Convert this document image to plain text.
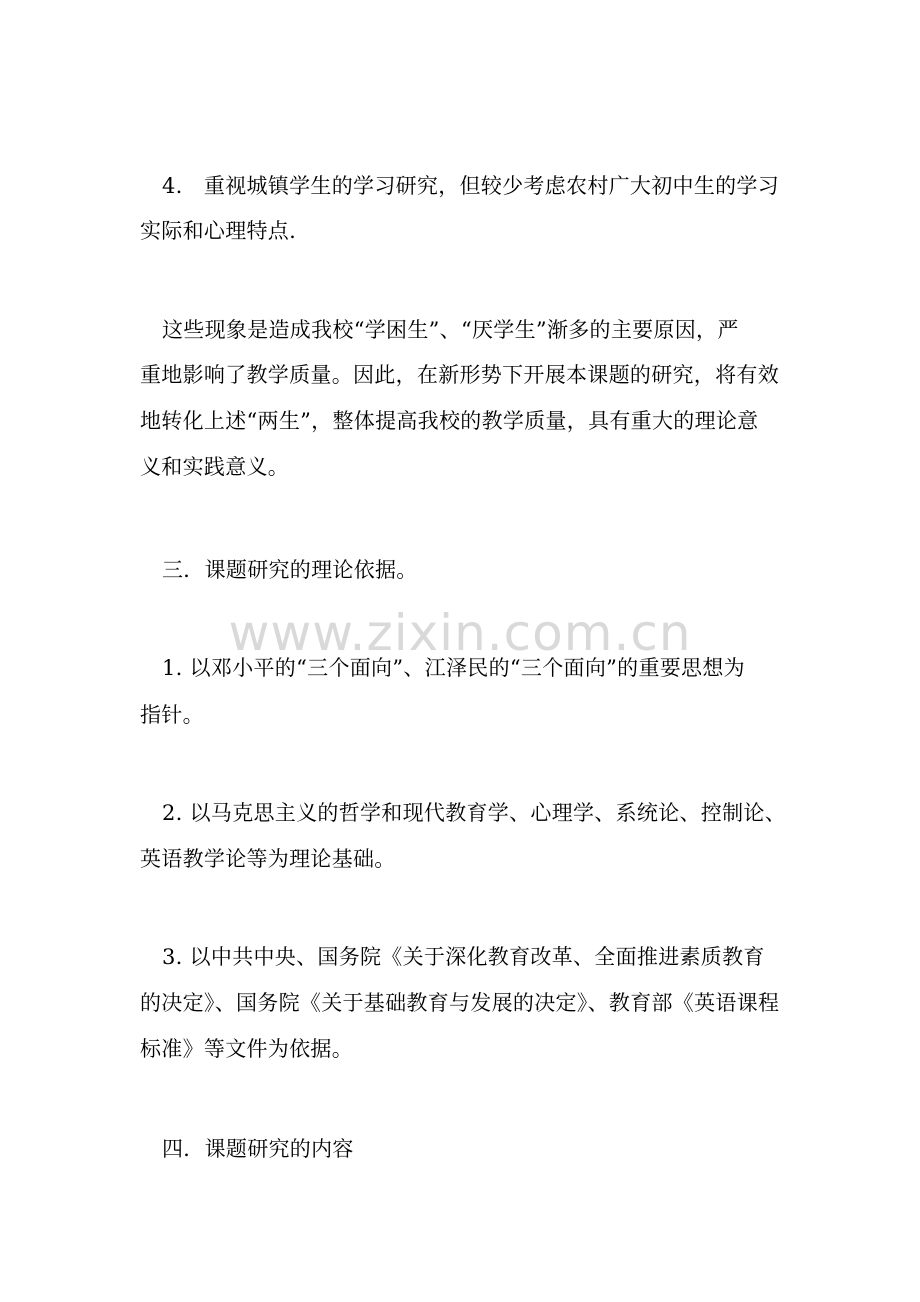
www.zixin.com.cn
4.　重视城镇学生的学习研究，但较少考虑农村广大初中生的学习
实际和心理特点.
这些现象是造成我校“学困生”、“厌学生”渐多的主要原因，严
重地影响了教学质量。因此，在新形势下开展本课题的研究，将有效
地转化上述“两生”，整体提高我校的教学质量，具有重大的理论意
义和实践意义。
三．课题研究的理论依据。
1. 以邓小平的“三个面向”、江泽民的“三个面向”的重要思想为
指针。
2. 以马克思主义的哲学和现代教育学、心理学、系统论、控制论、
英语教学论等为理论基础。
3. 以中共中央、国务院《关于深化教育改革、全面推进素质教育
的决定》、国务院《关于基础教育与发展的决定》、教育部《英语课程
标准》等文件为依据。
四．课题研究的内容
